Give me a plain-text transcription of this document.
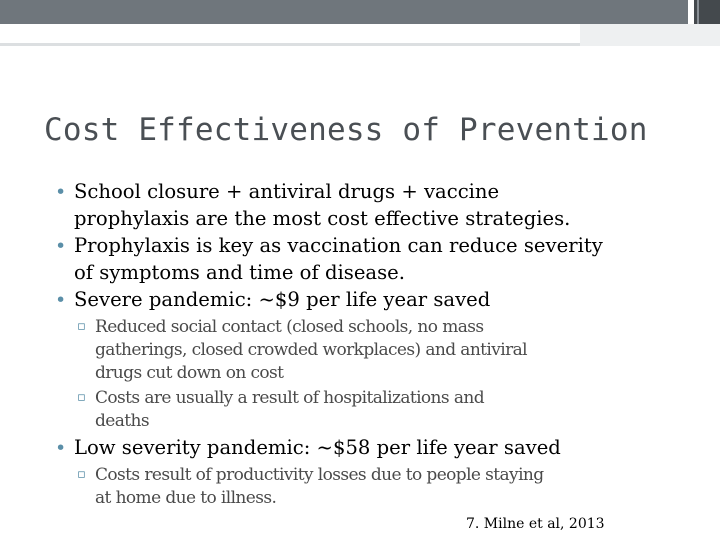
Cost Effectiveness of Prevention

• School closure + antiviral drugs + vaccine

prophylaxis are the most cost effective strategies.

• Prophylaxis is key as vaccination can reduce severity

of symptoms and time of disease.

• Severe pandemic: ~$9 per life year saved

▫ Reduced social contact (closed schools, no mass

gatherings, closed crowded workplaces) and antiviral

drugs cut down on cost

▫ Costs are usually a result of hospitalizations and

deaths

• Low severity pandemic: ~$58 per life year saved

▫ Costs result of productivity losses due to people staying

at home due to illness.

7. Milne et al, 2013
